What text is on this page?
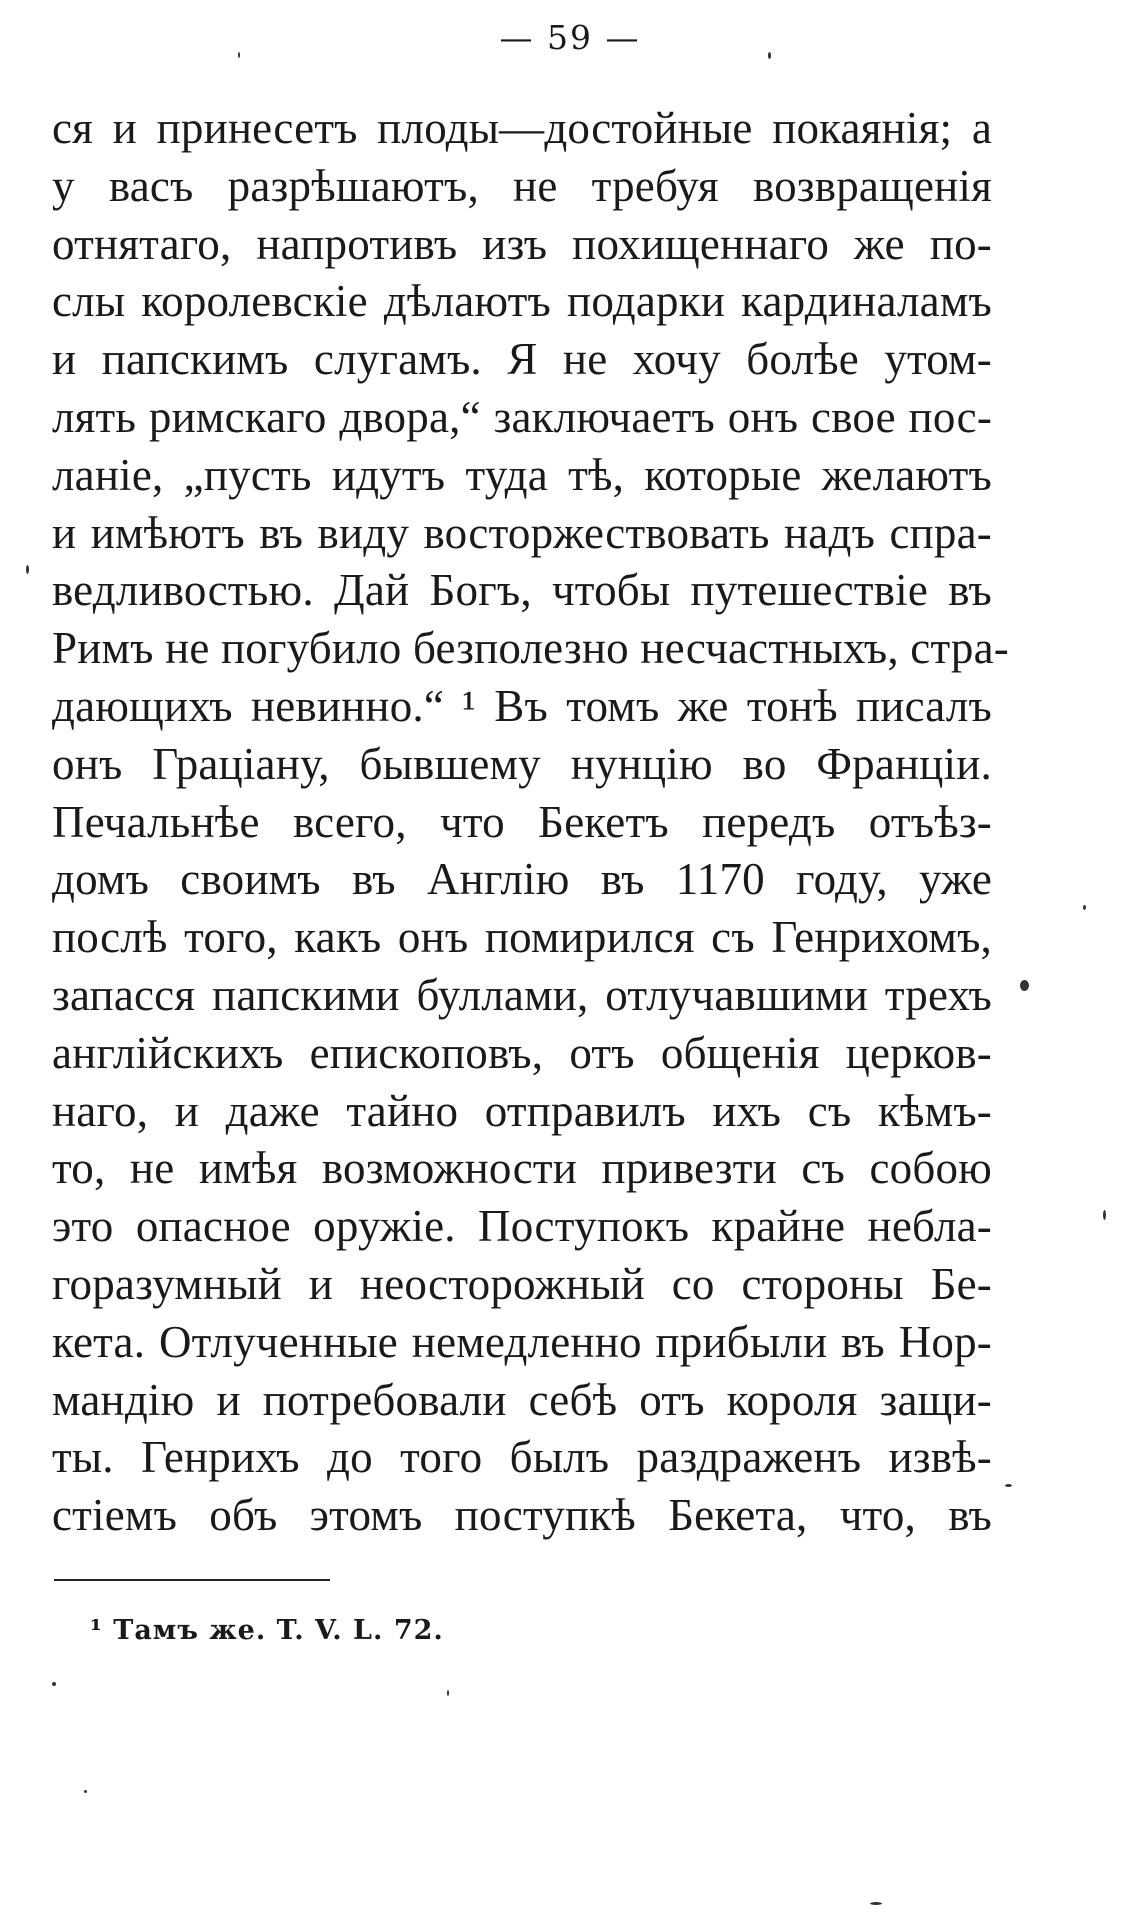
— 59 —
ся и принесетъ плоды—достойные покаянія; а
у васъ разрѣшаютъ, не требуя возвращенія
отнятаго, напротивъ изъ похищеннаго же по-
слы королевскіе дѣлаютъ подарки кардиналамъ
и папскимъ слугамъ. Я не хочу болѣе утом-
лять римскаго двора,“ заключаетъ онъ свое пос-
ланіе, „пусть идутъ туда тѣ, которые желаютъ
и имѣютъ въ виду восторжествовать надъ спра-
ведливостью. Дай Богъ, чтобы путешествіе въ
Римъ не погубило безполезно несчастныхъ, стра-
дающихъ невинно.“ ¹ Въ томъ же тонѣ писалъ
онъ Граціану, бывшему нунцію во Франціи.
Печальнѣе всего, что Бекетъ передъ отъѣз-
домъ своимъ въ Англію въ 1170 году, уже
послѣ того, какъ онъ помирился съ Генрихомъ,
запасся папскими буллами, отлучавшими трехъ
англійскихъ епископовъ, отъ общенія церков-
наго, и даже тайно отправилъ ихъ съ кѣмъ-
то, не имѣя возможности привезти съ собою
это опасное оружіе. Поступокъ крайне небла-
горазумный и неосторожный со стороны Бе-
кета. Отлученные немедленно прибыли въ Нор-
мандію и потребовали себѣ отъ короля защи-
ты. Генрихъ до того былъ раздраженъ извѣ-
стіемъ объ этомъ поступкѣ Бекета, что, въ
¹ Тамъ же. T. V. L. 72.
